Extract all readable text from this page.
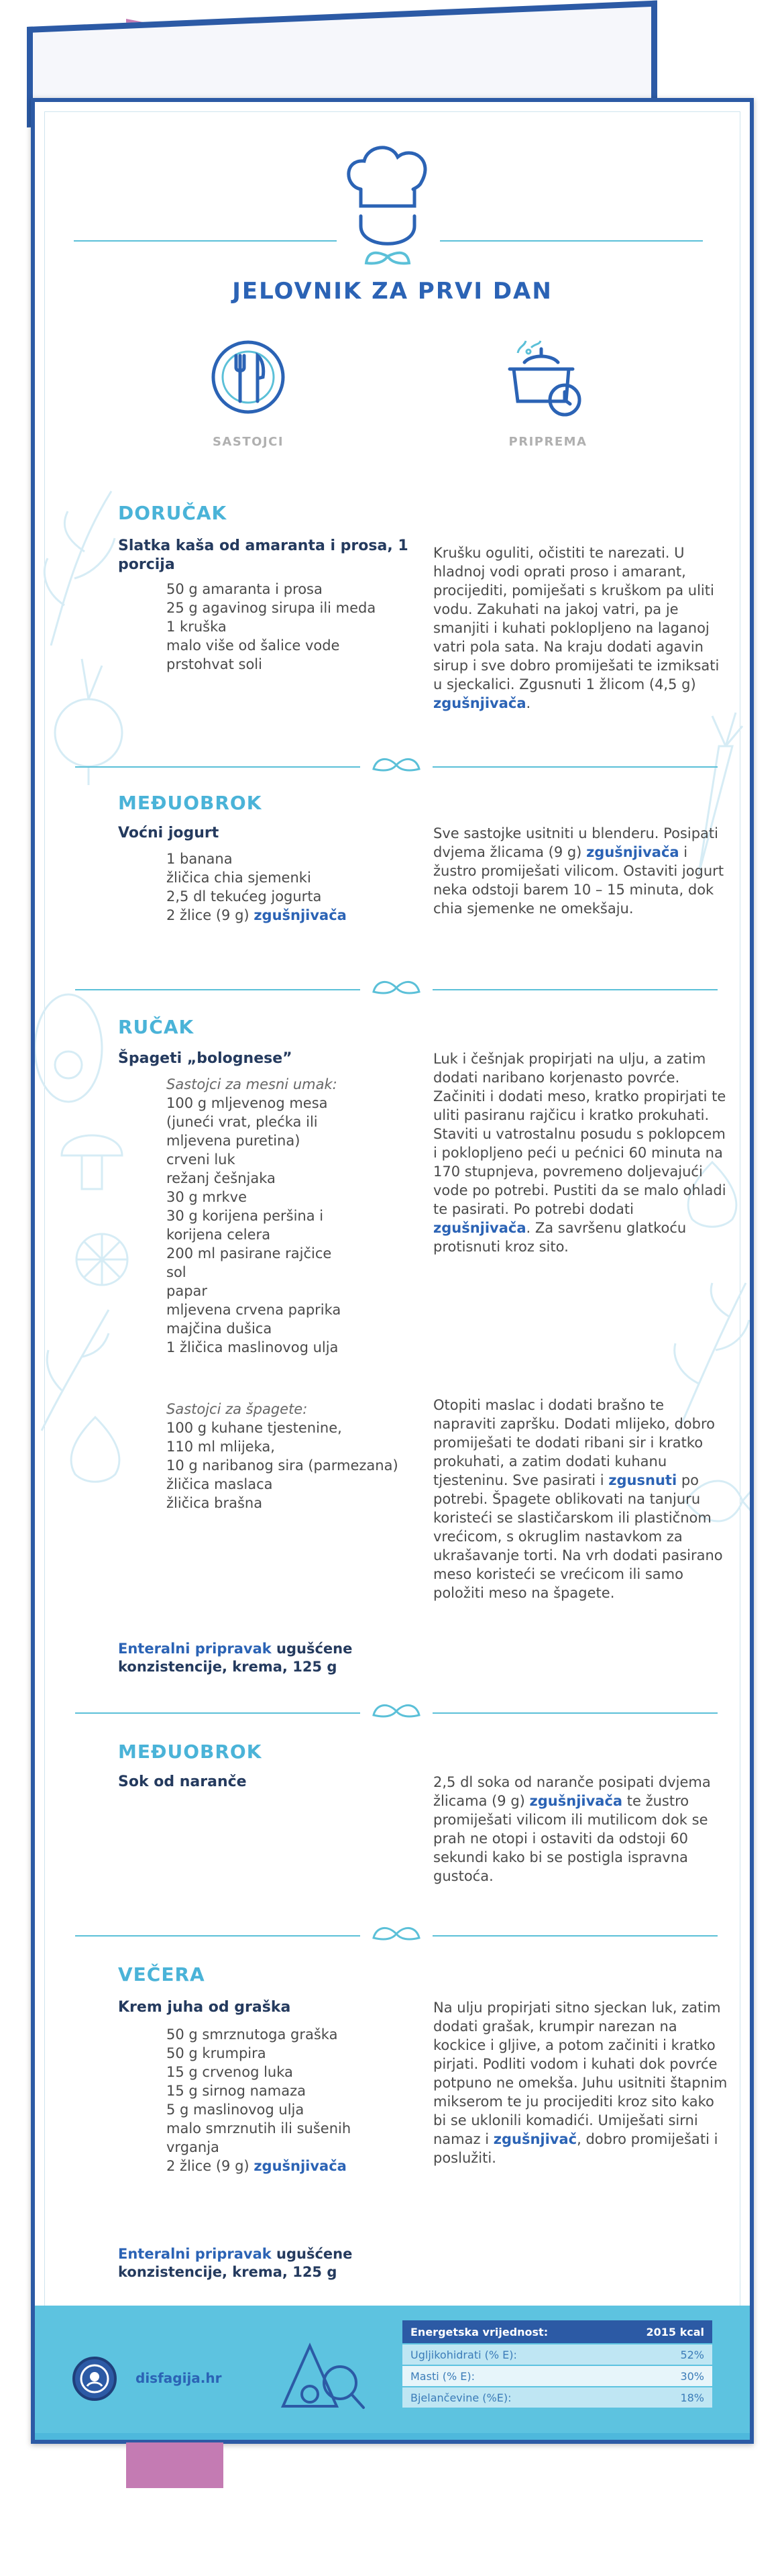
JELOVNIK ZA PRVI DAN
SASTOJCI	PRIPREMA
DORUČAK
Slatka kaša od amaranta i prosa, 1 porcija
50 g amaranta i prosa
25 g agavinog sirupa ili meda
1 kruška
malo više od šalice vode
prstohvat soli
Krušku oguliti, očistiti te narezati. U hladnoj vodi oprati proso i amarant, procijediti, pomiješati s kruškom pa uliti vodu. Zakuhati na jakoj vatri, pa je smanjiti i kuhati poklopljeno na laganoj vatri pola sata. Na kraju dodati agavin sirup i sve dobro promiješati te izmiksati u sjeckalici. Zgusnuti 1 žlicom (4,5 g) zgušnjivača.
MEĐUOBROK
Voćni jogurt
1 banana
žličica chia sjemenki
2,5 dl tekućeg jogurta
2 žlice (9 g) zgušnjivača
Sve sastojke usitniti u blenderu. Posipati dvjema žlicama (9 g) zgušnjivača i žustro promiješati vilicom. Ostaviti jogurt neka odstoji barem 10 – 15 minuta, dok chia sjemenke ne omekšaju.
RUČAK
Špageti „bolognese”
Sastojci za mesni umak:
100 g mljevenog mesa
(juneći vrat, plećka ili
mljevena puretina)
crveni luk
režanj češnjaka
30 g mrkve
30 g korijena peršina i
korijena celera
200 ml pasirane rajčice
sol
papar
mljevena crvena paprika
majčina dušica
1 žličica maslinovog ulja
Luk i češnjak propirjati na ulju, a zatim dodati naribano korjenasto povrće. Začiniti i dodati meso, kratko propirjati te uliti pasiranu rajčicu i kratko prokuhati. Staviti u vatrostalnu posudu s poklopcem i poklopljeno peći u pećnici 60 minuta na 170 stupnjeva, povremeno doljevajući vode po potrebi. Pustiti da se malo ohladi te pasirati. Po potrebi dodati zgušnjivača. Za savršenu glatkoću protisnuti kroz sito.
Sastojci za špagete:
100 g kuhane tjestenine,
110 ml mlijeka,
10 g naribanog sira (parmezana)
žličica maslaca
žličica brašna
Otopiti maslac i dodati brašno te napraviti zapršku. Dodati mlijeko, dobro promiješati te dodati ribani sir i kratko prokuhati, a zatim dodati kuhanu tjesteninu. Sve pasirati i zgusnuti po potrebi. Špagete oblikovati na tanjuru koristeći se slastičarskom ili plastičnom vrećicom, s okruglim nastavkom za ukrašavanje torti. Na vrh dodati pasirano meso koristeći se vrećicom ili samo položiti meso na špagete.
Enteralni pripravak ugušćene konzistencije, krema, 125 g
MEĐUOBROK
Sok od naranče	2,5 dl soka od naranče posipati dvjema žlicama (9 g) zgušnjivača te žustro promiješati vilicom ili mutilicom dok se prah ne otopi i ostaviti da odstoji 60 sekundi kako bi se postigla ispravna gustoća.
VEČERA
Krem juha od graška
50 g smrznutoga graška
50 g krumpira
15 g crvenog luka
15 g sirnog namaza
5 g maslinovog ulja
malo smrznutih ili sušenih
vrganja
2 žlice (9 g) zgušnjivača
Na ulju propirjati sitno sjeckan luk, zatim dodati grašak, krumpir narezan na kockice i gljive, a potom začiniti i kratko pirjati. Podliti vodom i kuhati dok povrće potpuno ne omekša. Juhu usitniti štapnim mikserom te ju procijediti kroz sito kako bi se uklonili komadići. Umiješati sirni namaz i zgušnjivač, dobro promiješati i poslužiti.
Enteralni pripravak ugušćene konzistencije, krema, 125 g
disfagija.hr
Energetska vrijednost:	2015 kcal
Ugljikohidrati (% E):	52%
Masti (% E):	30%
Bjelančevine (%E):	18%
